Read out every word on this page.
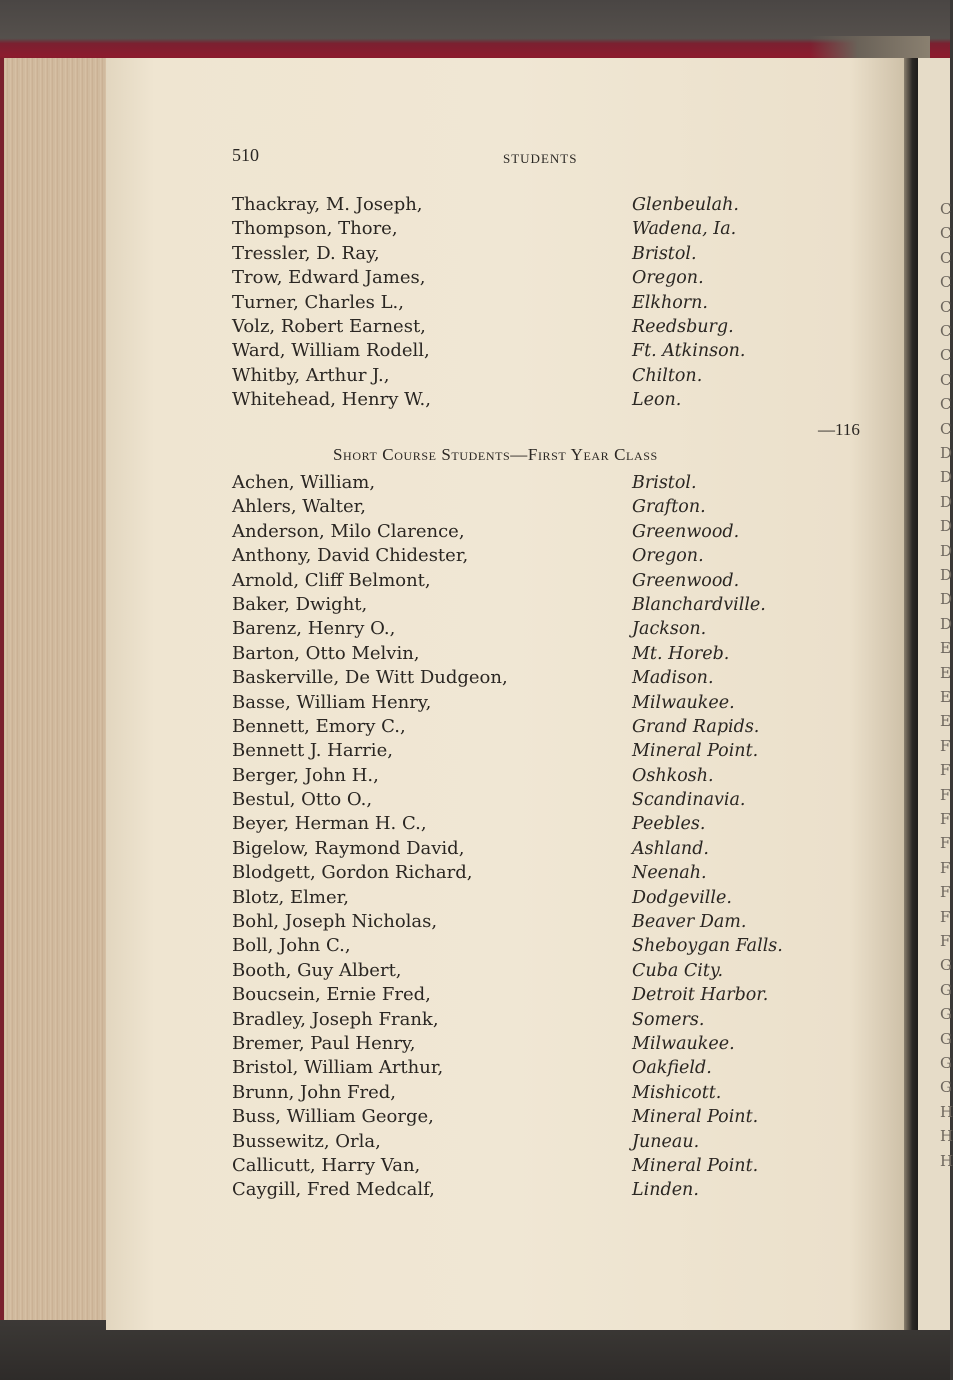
C
C
C
C
C
C
C
C
C
C
D
D
D
D
D
D
D
D
E
E
E
E
F
F
F
F
F
F
F
F
F
G
G
G
G
G
G
H
H
H
510	STUDENTS
Thackray, M. Joseph,	Glenbeulah.
Thompson, Thore,	Wadena, Ia.
Tressler, D. Ray,	Bristol.
Trow, Edward James,	Oregon.
Turner, Charles L.,	Elkhorn.
Volz, Robert Earnest,	Reedsburg.
Ward, William Rodell,	Ft. Atkinson.
Whitby, Arthur J.,	Chilton.
Whitehead, Henry W.,	Leon.
—116
Short Course Students—First Year Class
Achen, William,	Bristol.
Ahlers, Walter,	Grafton.
Anderson, Milo Clarence,	Greenwood.
Anthony, David Chidester,	Oregon.
Arnold, Cliff Belmont,	Greenwood.
Baker, Dwight,	Blanchardville.
Barenz, Henry O.,	Jackson.
Barton, Otto Melvin,	Mt. Horeb.
Baskerville, De Witt Dudgeon,	Madison.
Basse, William Henry,	Milwaukee.
Bennett, Emory C.,	Grand Rapids.
Bennett J. Harrie,	Mineral Point.
Berger, John H.,	Oshkosh.
Bestul, Otto O.,	Scandinavia.
Beyer, Herman H. C.,	Peebles.
Bigelow, Raymond David,	Ashland.
Blodgett, Gordon Richard,	Neenah.
Blotz, Elmer,	Dodgeville.
Bohl, Joseph Nicholas,	Beaver Dam.
Boll, John C.,	Sheboygan Falls.
Booth, Guy Albert,	Cuba City.
Boucsein, Ernie Fred,	Detroit Harbor.
Bradley, Joseph Frank,	Somers.
Bremer, Paul Henry,	Milwaukee.
Bristol, William Arthur,	Oakfield.
Brunn, John Fred,	Mishicott.
Buss, William George,	Mineral Point.
Bussewitz, Orla,	Juneau.
Callicutt, Harry Van,	Mineral Point.
Caygill, Fred Medcalf,	Linden.
